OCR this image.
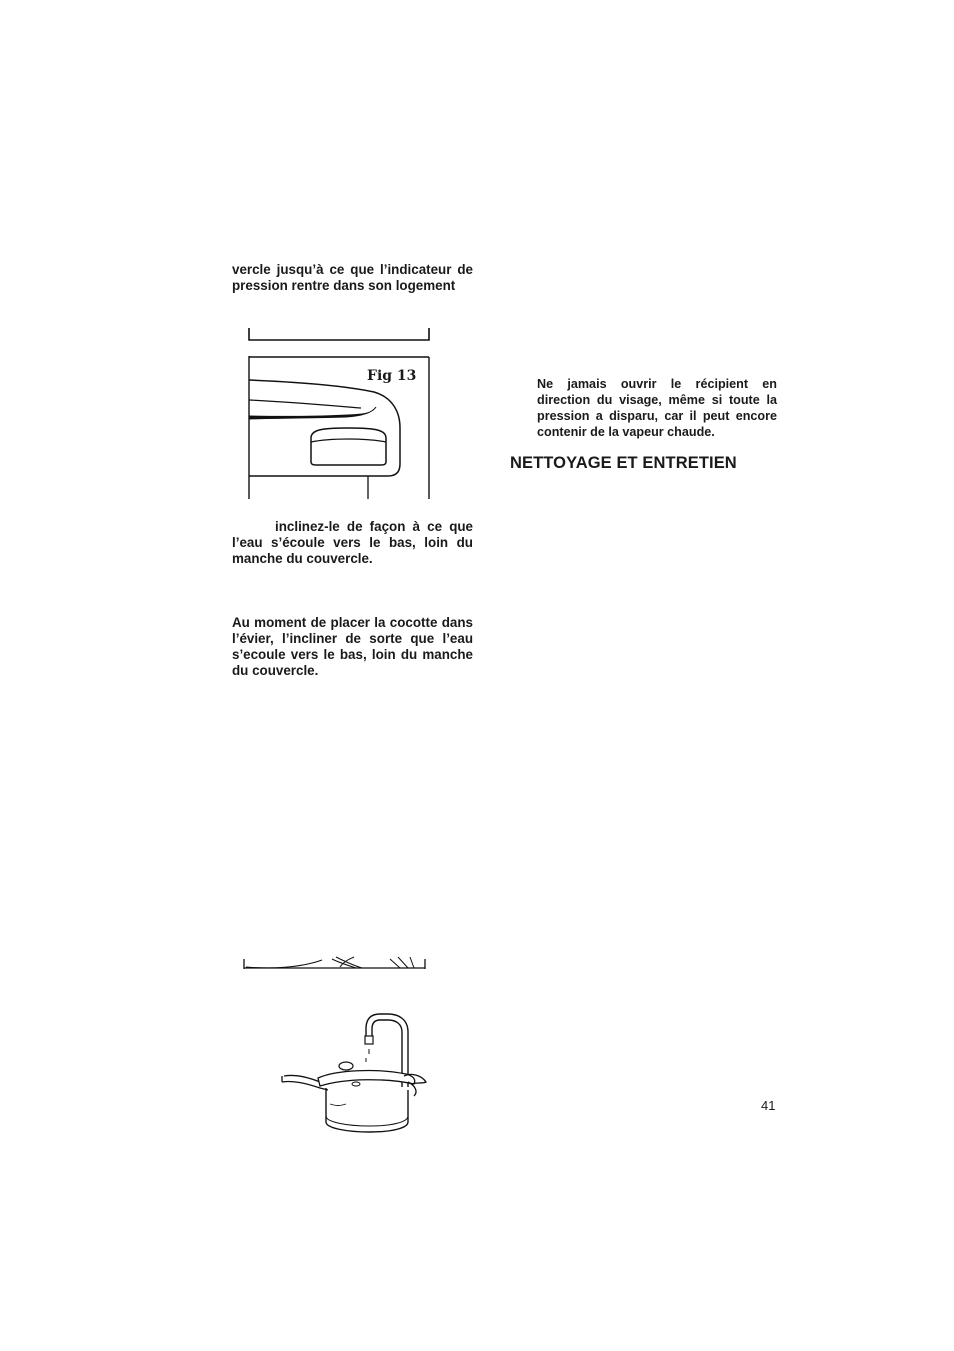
vercle jusqu’à ce que l’indicateur de pression rentre dans son logement

Fig 13

inclinez-le de façon à ce que l’eau s’écoule vers le bas, loin du manche du couvercle.

Au moment de placer la cocotte dans l’évier, l’incliner de sorte que l’eau s’ecoule vers le bas, loin du manche du couvercle.

Ne jamais ouvrir le récipient en direction du visage, même si toute la pression a disparu, car il peut encore contenir de la vapeur chaude.

NETTOYAGE ET ENTRETIEN
41
